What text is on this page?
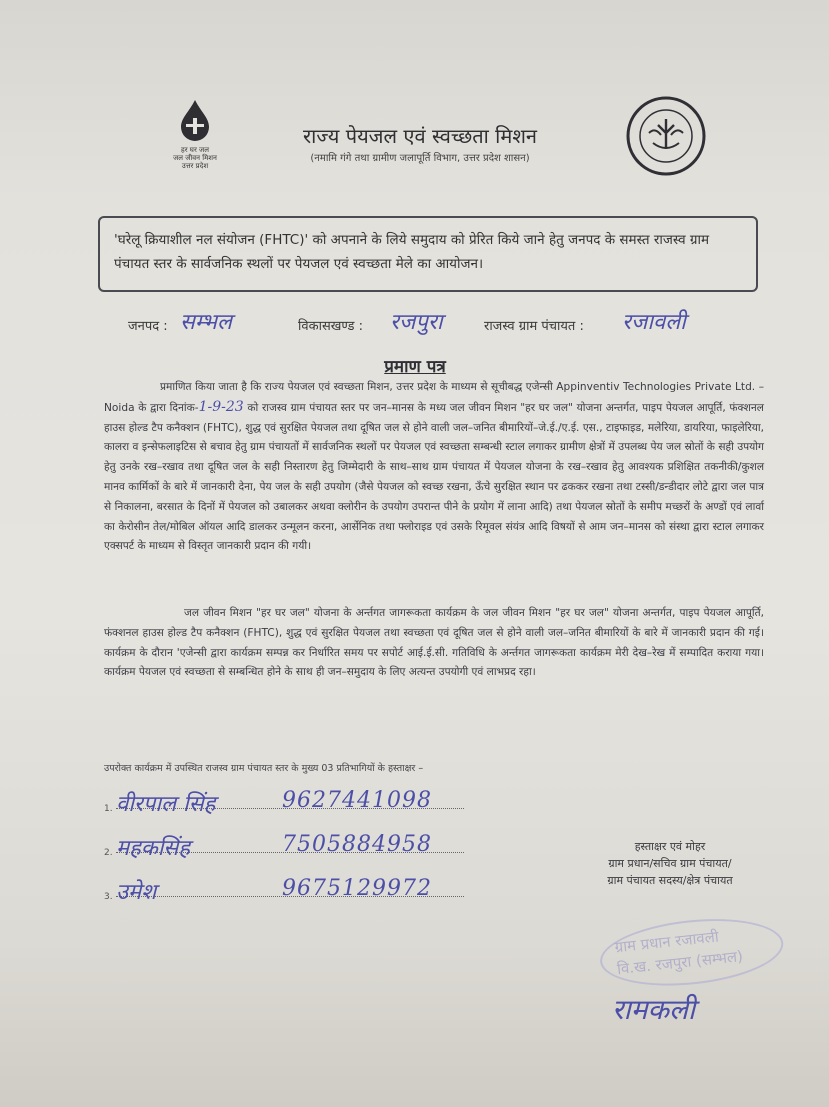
हर घर जल
जल जीवन मिशन
उत्तर प्रदेश
राज्य पेयजल एवं स्वच्छता मिशन
(नमामि गंगे तथा ग्रामीण जलापूर्ति विभाग, उत्तर प्रदेश शासन)
'घरेलू क्रियाशील नल संयोजन (FHTC)' को अपनाने के लिये समुदाय को प्रेरित किये जाने हेतु जनपद के समस्त राजस्व ग्राम पंचायत स्तर के सार्वजनिक स्थलों पर पेयजल एवं स्वच्छता मेले का आयोजन।
जनपद : सम्भल	विकासखण्ड : रजपुरा	राजस्व ग्राम पंचायत : रजावली
प्रमाण पत्र
प्रमाणित किया जाता है कि राज्य पेयजल एवं स्वच्छता मिशन, उत्तर प्रदेश के माध्यम से सूचीबद्ध एजेन्सी Appinventiv Technologies Private Ltd. – Noida के द्वारा दिनांक-1-9-23 को राजस्व ग्राम पंचायत स्तर पर जन–मानस के मध्य जल जीवन मिशन "हर घर जल" योजना अन्तर्गत, पाइप पेयजल आपूर्ति, फंक्शनल हाउस होल्ड टैप कनैक्शन (FHTC), शुद्ध एवं सुरक्षित पेयजल तथा दूषित जल से होने वाली जल–जनित बीमारियों–जे.ई./ए.ई. एस., टाइफाइड, मलेरिया, डायरिया, फाइलेरिया, कालरा व इन्सेफलाइटिस से बचाव हेतु ग्राम पंचायतों में सार्वजनिक स्थलों पर पेयजल एवं स्वच्छता सम्बन्धी स्टाल लगाकर ग्रामीण क्षेत्रों में उपलब्ध पेय जल स्रोतों के सही उपयोग हेतु उनके रख–रखाव तथा दूषित जल के सही निस्तारण हेतु जिम्मेदारी के साथ–साथ ग्राम पंचायत में पेयजल योजना के रख–रखाव हेतु आवश्यक प्रशिक्षित तकनीकी/कुशल मानव कार्मिकों के बारे में जानकारी देना, पेय जल के सही उपयोग (जैसे पेयजल को स्वच्छ रखना, ऊँचे सुरक्षित स्थान पर ढककर रखना तथा टस्सी/डन्डीदार लोटे द्वारा जल पात्र से निकालना, बरसात के दिनों में पेयजल को उबालकर अथवा क्लोरीन के उपयोग उपरान्त पीने के प्रयोग में लाना आदि) तथा पेयजल स्रोतों के समीप मच्छरों के अण्डों एवं लार्वा का केरोसीन तेल/मोबिल ऑयल आदि डालकर उन्मूलन करना, आर्सेनिक तथा फ्लोराइड एवं उसके रिमूवल संयंत्र आदि विषयों से आम जन–मानस को संस्था द्वारा स्टाल लगाकर एक्सपर्ट के माध्यम से विस्तृत जानकारी प्रदान की गयी।
जल जीवन मिशन "हर घर जल" योजना के अर्न्तगत जागरूकता कार्यक्रम के जल जीवन मिशन "हर घर जल" योजना अन्तर्गत, पाइप पेयजल आपूर्ति, फंक्शनल हाउस होल्ड टैप कनैक्शन (FHTC), शुद्ध एवं सुरक्षित पेयजल तथा स्वच्छता एवं दूषित जल से होने वाली जल–जनित बीमारियों के बारे में जानकारी प्रदान की गई। कार्यक्रम के दौरान 'एजेन्सी द्वारा कार्यक्रम सम्पन्न कर निर्धारित समय पर सपोर्ट आई.ई.सी. गतिविधि के अर्न्तगत जागरूकता कार्यक्रम मेरी देख–रेख में सम्पादित कराया गया। कार्यक्रम पेयजल एवं स्वच्छता से सम्बन्धित होने के साथ ही जन–समुदाय के लिए अत्यन्त उपयोगी एवं लाभप्रद रहा।
उपरोक्त कार्यक्रम में उपस्थित राजस्व ग्राम पंचायत स्तर के मुख्य 03 प्रतिभागियों के हस्ताक्षर –
1. वीरपाल सिंह	9627441098
2. महकसिंह	7505884958
3. उमेश	9675129972
हस्ताक्षर एवं मोहर
ग्राम प्रधान/सचिव ग्राम पंचायत/
ग्राम पंचायत सदस्य/क्षेत्र पंचायत
ग्राम प्रधान रजावली
वि.ख. रजपुरा (सम्भल)
रामकली
